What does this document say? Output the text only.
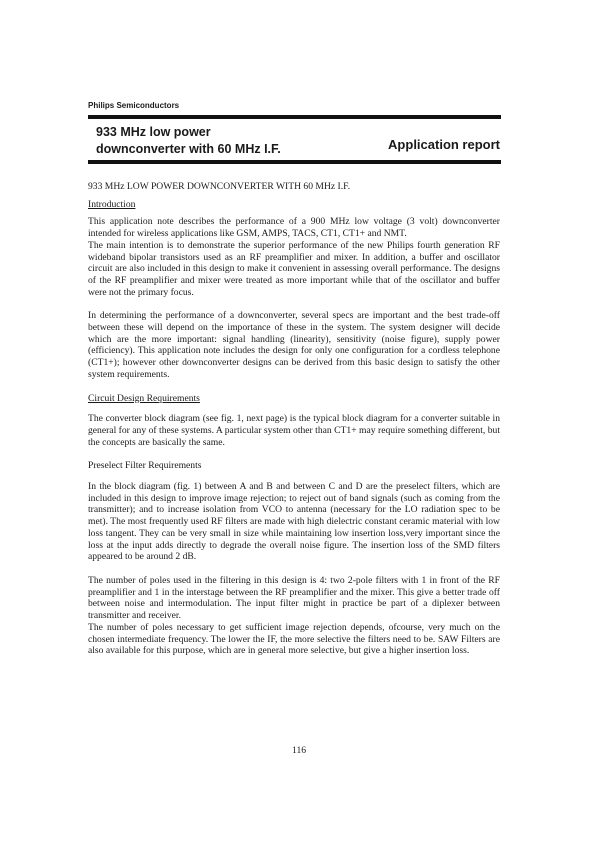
Philips Semiconductors
933 MHz low power
downconverter with 60 MHz I.F.	Application report
933 MHz LOW POWER DOWNCONVERTER WITH 60 MHz I.F.
Introduction

This application note describes the performance of a 900 MHz low voltage (3 volt) downconverter intended for wireless applications like GSM, AMPS, TACS, CT1, CT1+ and NMT.

The main intention is to demonstrate the superior performance of the new Philips fourth generation RF wideband bipolar transistors used as an RF preamplifier and mixer. In addition, a buffer and oscillator circuit are also included in this design to make it convenient in assessing overall performance. The designs of the RF preamplifier and mixer were treated as more important while that of the oscillator and buffer were not the primary focus.

In determining the performance of a downconverter, several specs are important and the best trade-off between these will depend on the importance of these in the system. The system designer will decide which are the more important: signal handling (linearity), sensitivity (noise figure), supply power (efficiency). This application note includes the design for only one configuration for a cordless telephone (CT1+); however other downconverter designs can be derived from this basic design to satisfy the other system requirements.

Circuit Design Requirements

The converter block diagram (see fig. 1, next page) is the typical block diagram for a converter suitable in general for any of these systems. A particular system other than CT1+ may require something different, but the concepts are basically the same.

Preselect Filter Requirements

In the block diagram (fig. 1) between A and B and between C and D are the preselect filters, which are included in this design to improve image rejection; to reject out of band signals (such as coming from the transmitter); and to increase isolation from VCO to antenna (necessary for the LO radiation spec to be met). The most frequently used RF filters are made with high dielectric constant ceramic material with low loss tangent. They can be very small in size while maintaining low insertion loss,very important since the loss at the input adds directly to degrade the overall noise figure. The insertion loss of the SMD filters appeared to be around 2 dB.

The number of poles used in the filtering in this design is 4: two 2-pole filters with 1 in front of the RF preamplifier and 1 in the interstage between the RF preamplifier and the mixer. This give a better trade off between noise and intermodulation. The input filter might in practice be part of a diplexer between transmitter and receiver.

The number of poles necessary to get sufficient image rejection depends, ofcourse, very much on the chosen intermediate frequency. The lower the IF, the more selective the filters need to be. SAW Filters are also available for this purpose, which are in general more selective, but give a higher insertion loss.

116
